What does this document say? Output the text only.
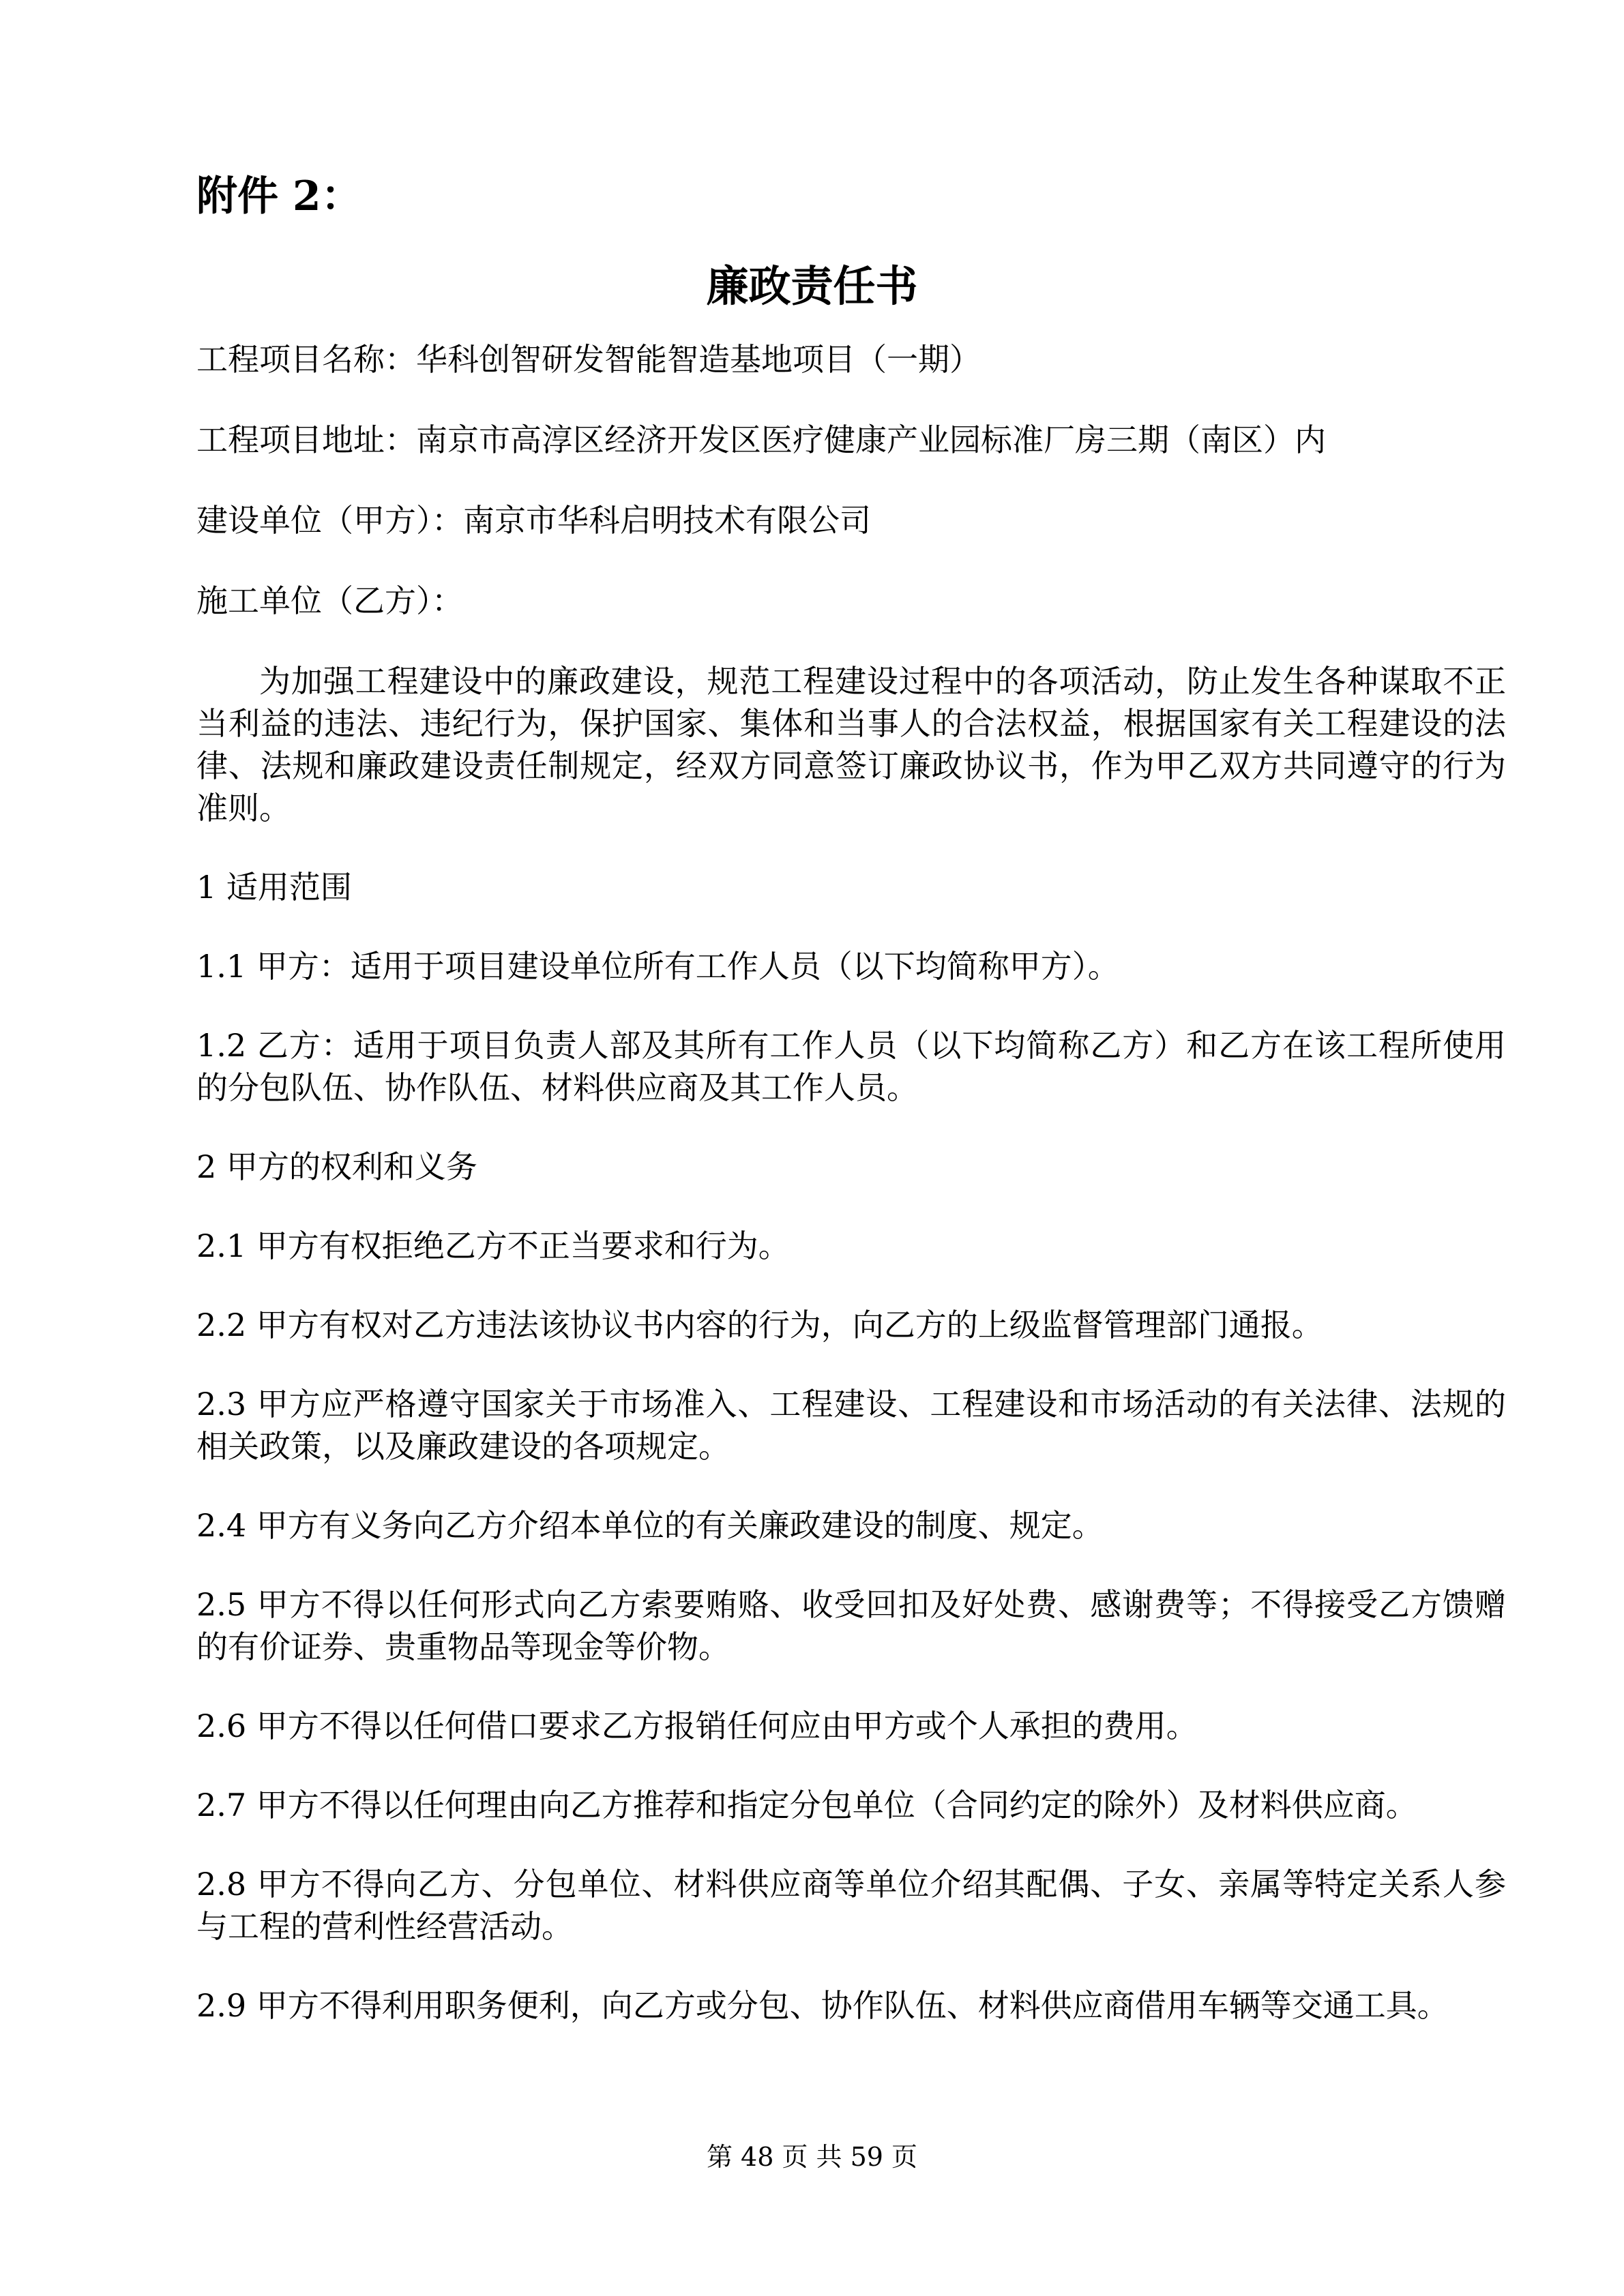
附件 2：
廉政责任书

工程项目名称：华科创智研发智能智造基地项目（一期）

工程项目地址：南京市高淳区经济开发区医疗健康产业园标准厂房三期（南区）内

建设单位（甲方）：南京市华科启明技术有限公司

施工单位（乙方）：

为加强工程建设中的廉政建设，规范工程建设过程中的各项活动，防止发生各种谋取不正当利益的违法、违纪行为，保护国家、集体和当事人的合法权益，根据国家有关工程建设的法律、法规和廉政建设责任制规定，经双方同意签订廉政协议书，作为甲乙双方共同遵守的行为准则。

1 适用范围

1.1 甲方：适用于项目建设单位所有工作人员（以下均简称甲方）。

1.2 乙方：适用于项目负责人部及其所有工作人员（以下均简称乙方）和乙方在该工程所使用的分包队伍、协作队伍、材料供应商及其工作人员。

2 甲方的权利和义务

2.1 甲方有权拒绝乙方不正当要求和行为。

2.2 甲方有权对乙方违法该协议书内容的行为，向乙方的上级监督管理部门通报。

2.3 甲方应严格遵守国家关于市场准入、工程建设、工程建设和市场活动的有关法律、法规的相关政策，以及廉政建设的各项规定。

2.4 甲方有义务向乙方介绍本单位的有关廉政建设的制度、规定。

2.5 甲方不得以任何形式向乙方索要贿赂、收受回扣及好处费、感谢费等；不得接受乙方馈赠的有价证券、贵重物品等现金等价物。

2.6 甲方不得以任何借口要求乙方报销任何应由甲方或个人承担的费用。

2.7 甲方不得以任何理由向乙方推荐和指定分包单位（合同约定的除外）及材料供应商。

2.8 甲方不得向乙方、分包单位、材料供应商等单位介绍其配偶、子女、亲属等特定关系人参与工程的营利性经营活动。

2.9 甲方不得利用职务便利，向乙方或分包、协作队伍、材料供应商借用车辆等交通工具。

第 48 页 共 59 页
